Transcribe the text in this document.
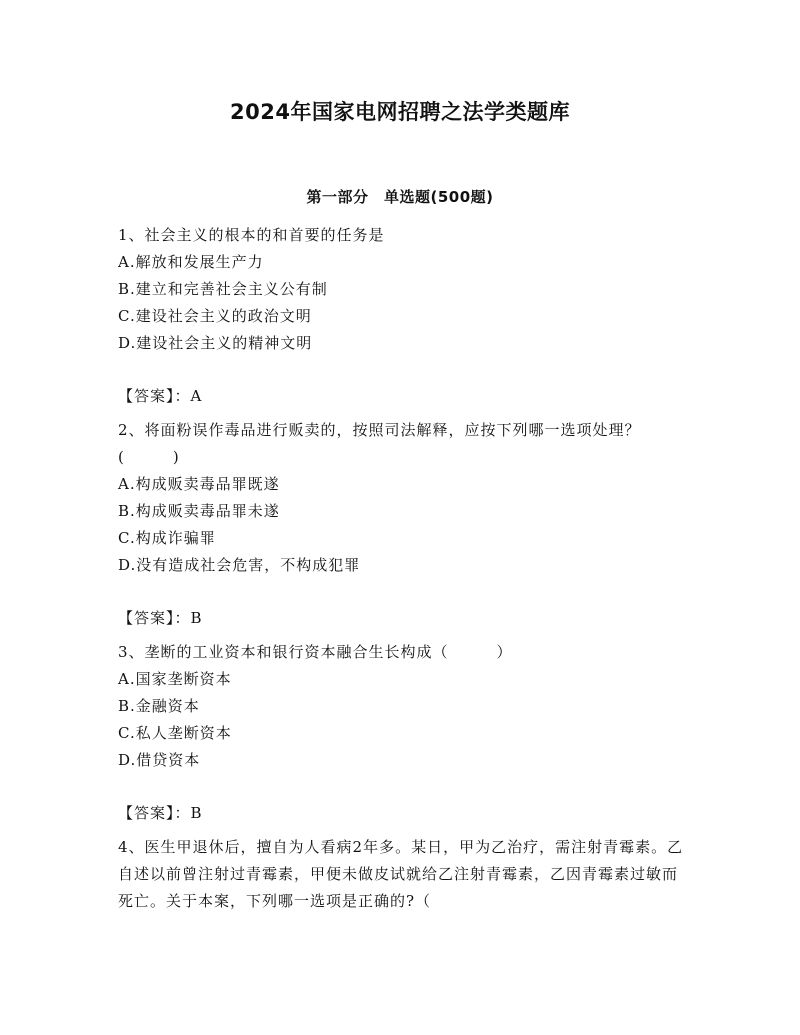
2024年国家电网招聘之法学类题库
第一部分　单选题(500题)

1、社会主义的根本的和首要的任务是

A.解放和发展生产力

B.建立和完善社会主义公有制

C.建设社会主义的政治文明

D.建设社会主义的精神文明

【答案】：A

2、将面粉误作毒品进行贩卖的，按照司法解释，应按下列哪一选项处理？(　　　)

A.构成贩卖毒品罪既遂

B.构成贩卖毒品罪未遂

C.构成诈骗罪

D.没有造成社会危害，不构成犯罪

【答案】：B

3、垄断的工业资本和银行资本融合生长构成（　　　）

A.国家垄断资本

B.金融资本

C.私人垄断资本

D.借贷资本

【答案】：B

4、医生甲退休后，擅自为人看病2年多。某日，甲为乙治疗，需注射青霉素。乙自述以前曾注射过青霉素，甲便未做皮试就给乙注射青霉素，乙因青霉素过敏而死亡。关于本案，下列哪一选项是正确的?（
